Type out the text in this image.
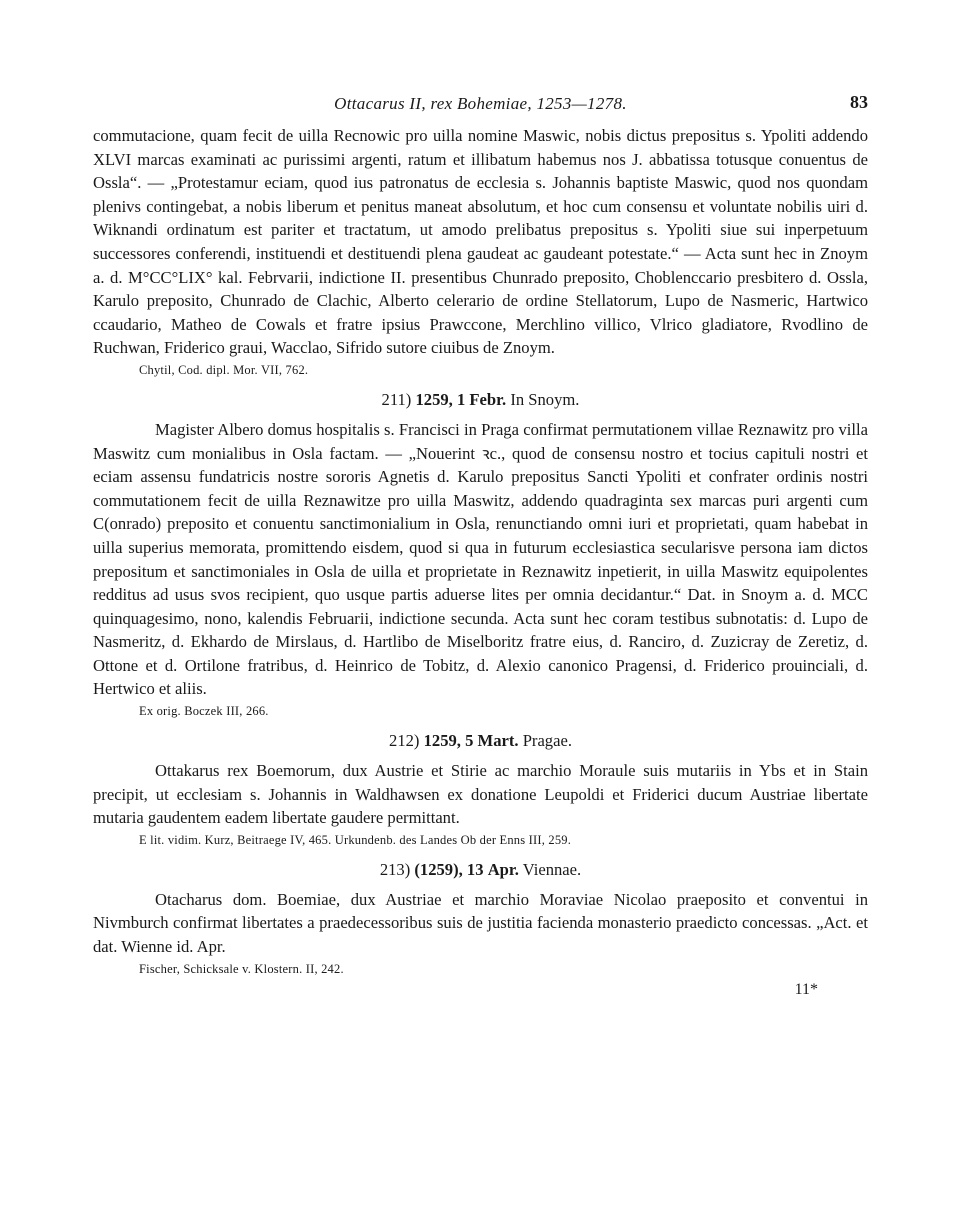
Ottacarus II, rex Bohemiae, 1253—1278.	83

commutacione, quam fecit de uilla Recnowic pro uilla nomine Maswic, nobis dictus prepositus s. Ypoliti addendo XLVI marcas examinati ac purissimi argenti, ratum et illibatum habemus nos J. abbatissa totusque conuentus de Ossla“. — „Protestamur eciam, quod ius patronatus de ecclesia s. Johannis baptiste Maswic, quod nos quondam plenivs contingebat, a nobis liberum et penitus maneat absolutum, et hoc cum consensu et voluntate nobilis uiri d. Wiknandi ordinatum est pariter et tractatum, ut amodo prelibatus prepositus s. Ypoliti siue sui inperpetuum successores conferendi, instituendi et destituendi plena gaudeat ac gaudeant potestate.“ — Acta sunt hec in Znoym a. d. M°CC°LIX° kal. Febrvarii, indictione II. presentibus Chunrado preposito, Choblenccario presbitero d. Ossla, Karulo preposito, Chunrado de Clachic, Alberto celerario de ordine Stellatorum, Lupo de Nasmeric, Hartwico ccaudario, Matheo de Cowals et fratre ipsius Prawccone, Merchlino villico, Vlrico gladiatore, Rvodlino de Ruchwan, Friderico graui, Wacclao, Sifrido sutore ciuibus de Znoym.

Chytil, Cod. dipl. Mor. VII, 762.

211) 1259, 1 Febr. In Snoym.

Magister Albero domus hospitalis s. Francisci in Praga confirmat permutationem villae Reznawitz pro villa Maswitz cum monialibus in Osla factam. — „Nouerint ꝛc., quod de consensu nostro et tocius capituli nostri et eciam assensu fundatricis nostre sororis Agnetis d. Karulo prepositus Sancti Ypoliti et confrater ordinis nostri commutationem fecit de uilla Reznawitze pro uilla Maswitz, addendo quadraginta sex marcas puri argenti cum C(onrado) preposito et conuentu sanctimonialium in Osla, renunctiando omni iuri et proprietati, quam habebat in uilla superius memorata, promittendo eisdem, quod si qua in futurum ecclesiastica secularisve persona iam dictos prepositum et sanctimoniales in Osla de uilla et proprietate in Reznawitz inpetierit, in uilla Maswitz equipolentes redditus ad usus svos recipient, quo usque partis aduerse lites per omnia decidantur.“ Dat. in Snoym a. d. MCC quinquagesimo, nono, kalendis Februarii, indictione secunda. Acta sunt hec coram testibus subnotatis: d. Lupo de Nasmeritz, d. Ekhardo de Mirslaus, d. Hartlibo de Miselboritz fratre eius, d. Ranciro, d. Zuzicray de Zeretiz, d. Ottone et d. Ortilone fratribus, d. Heinrico de Tobitz, d. Alexio canonico Pragensi, d. Friderico prouinciali, d. Hertwico et aliis.

Ex orig. Boczek III, 266.

212) 1259, 5 Mart. Pragae.

Ottakarus rex Boemorum, dux Austrie et Stirie ac marchio Moraule suis mutariis in Ybs et in Stain precipit, ut ecclesiam s. Johannis in Waldhawsen ex donatione Leupoldi et Friderici ducum Austriae libertate mutaria gaudentem eadem libertate gaudere permittant.

E lit. vidim. Kurz, Beitraege IV, 465. Urkundenb. des Landes Ob der Enns III, 259.

213) (1259), 13 Apr. Viennae.

Otacharus dom. Boemiae, dux Austriae et marchio Moraviae Nicolao praeposito et conventui in Nivmburch confirmat libertates a praedecessoribus suis de justitia facienda monasterio praedicto concessas. „Act. et dat. Wienne id. Apr.

Fischer, Schicksale v. Klostern. II, 242.

11*
